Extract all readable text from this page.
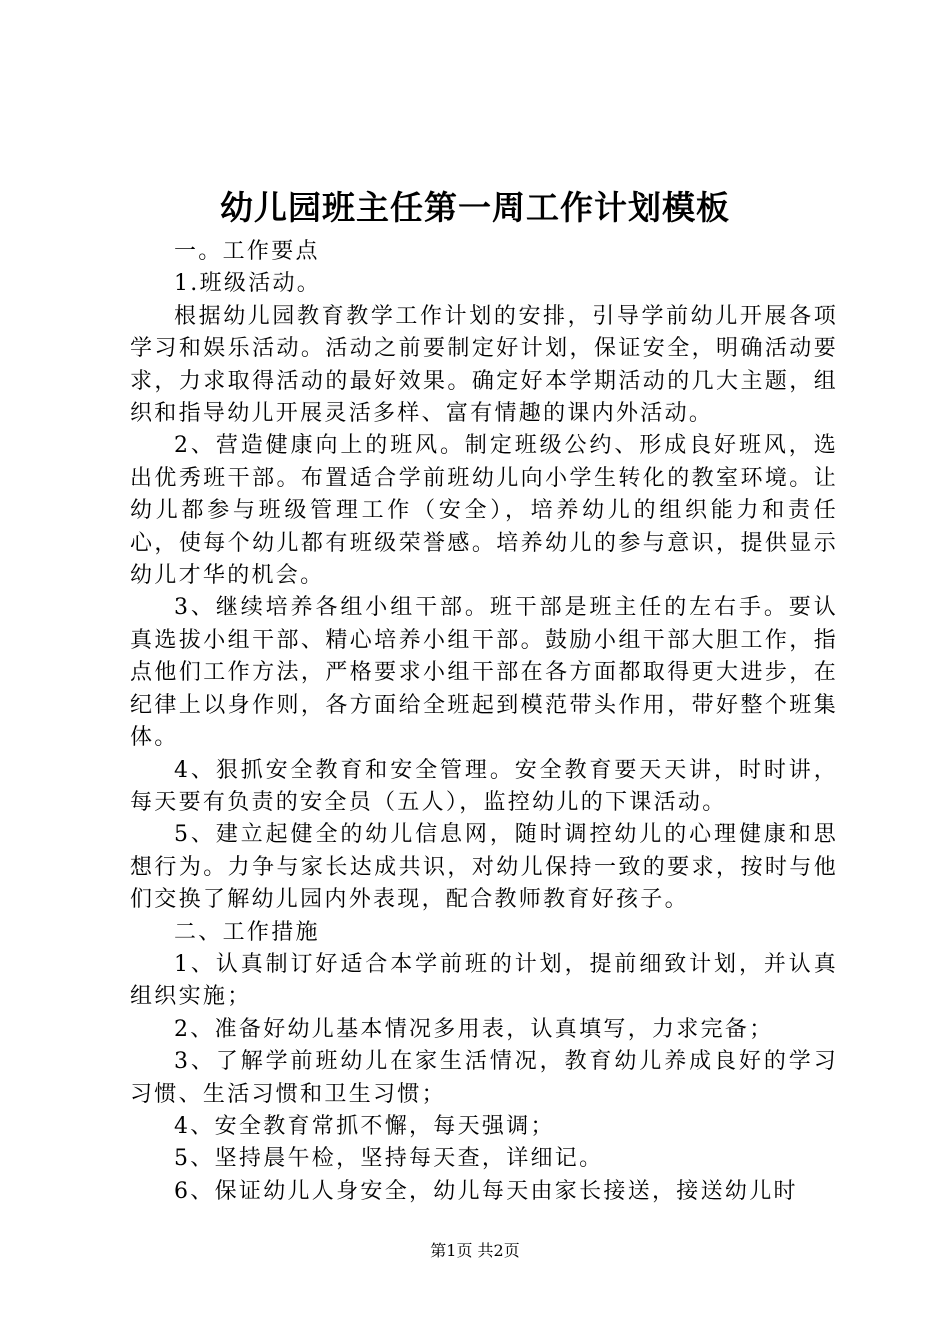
幼儿园班主任第一周工作计划模板

一。工作要点

1.班级活动。

根据幼儿园教育教学工作计划的安排，引导学前幼儿开展各项学习和娱乐活动。活动之前要制定好计划，保证安全，明确活动要求，力求取得活动的最好效果。确定好本学期活动的几大主题，组织和指导幼儿开展灵活多样、富有情趣的课内外活动。

2、营造健康向上的班风。制定班级公约、形成良好班风，选出优秀班干部。布置适合学前班幼儿向小学生转化的教室环境。让幼儿都参与班级管理工作（安全），培养幼儿的组织能力和责任心，使每个幼儿都有班级荣誉感。培养幼儿的参与意识，提供显示幼儿才华的机会。

3、继续培养各组小组干部。班干部是班主任的左右手。要认真选拔小组干部、精心培养小组干部。鼓励小组干部大胆工作，指点他们工作方法，严格要求小组干部在各方面都取得更大进步，在纪律上以身作则，各方面给全班起到模范带头作用，带好整个班集体。

4、狠抓安全教育和安全管理。安全教育要天天讲，时时讲，每天要有负责的安全员（五人），监控幼儿的下课活动。

5、建立起健全的幼儿信息网，随时调控幼儿的心理健康和思想行为。力争与家长达成共识，对幼儿保持一致的要求，按时与他们交换了解幼儿园内外表现，配合教师教育好孩子。

二、工作措施

1、认真制订好适合本学前班的计划，提前细致计划，并认真组织实施；

2、准备好幼儿基本情况多用表，认真填写，力求完备；

3、了解学前班幼儿在家生活情况，教育幼儿养成良好的学习习惯、生活习惯和卫生习惯；

4、安全教育常抓不懈，每天强调；

5、坚持晨午检，坚持每天查，详细记。

6、保证幼儿人身安全，幼儿每天由家长接送，接送幼儿时

第1页 共2页
